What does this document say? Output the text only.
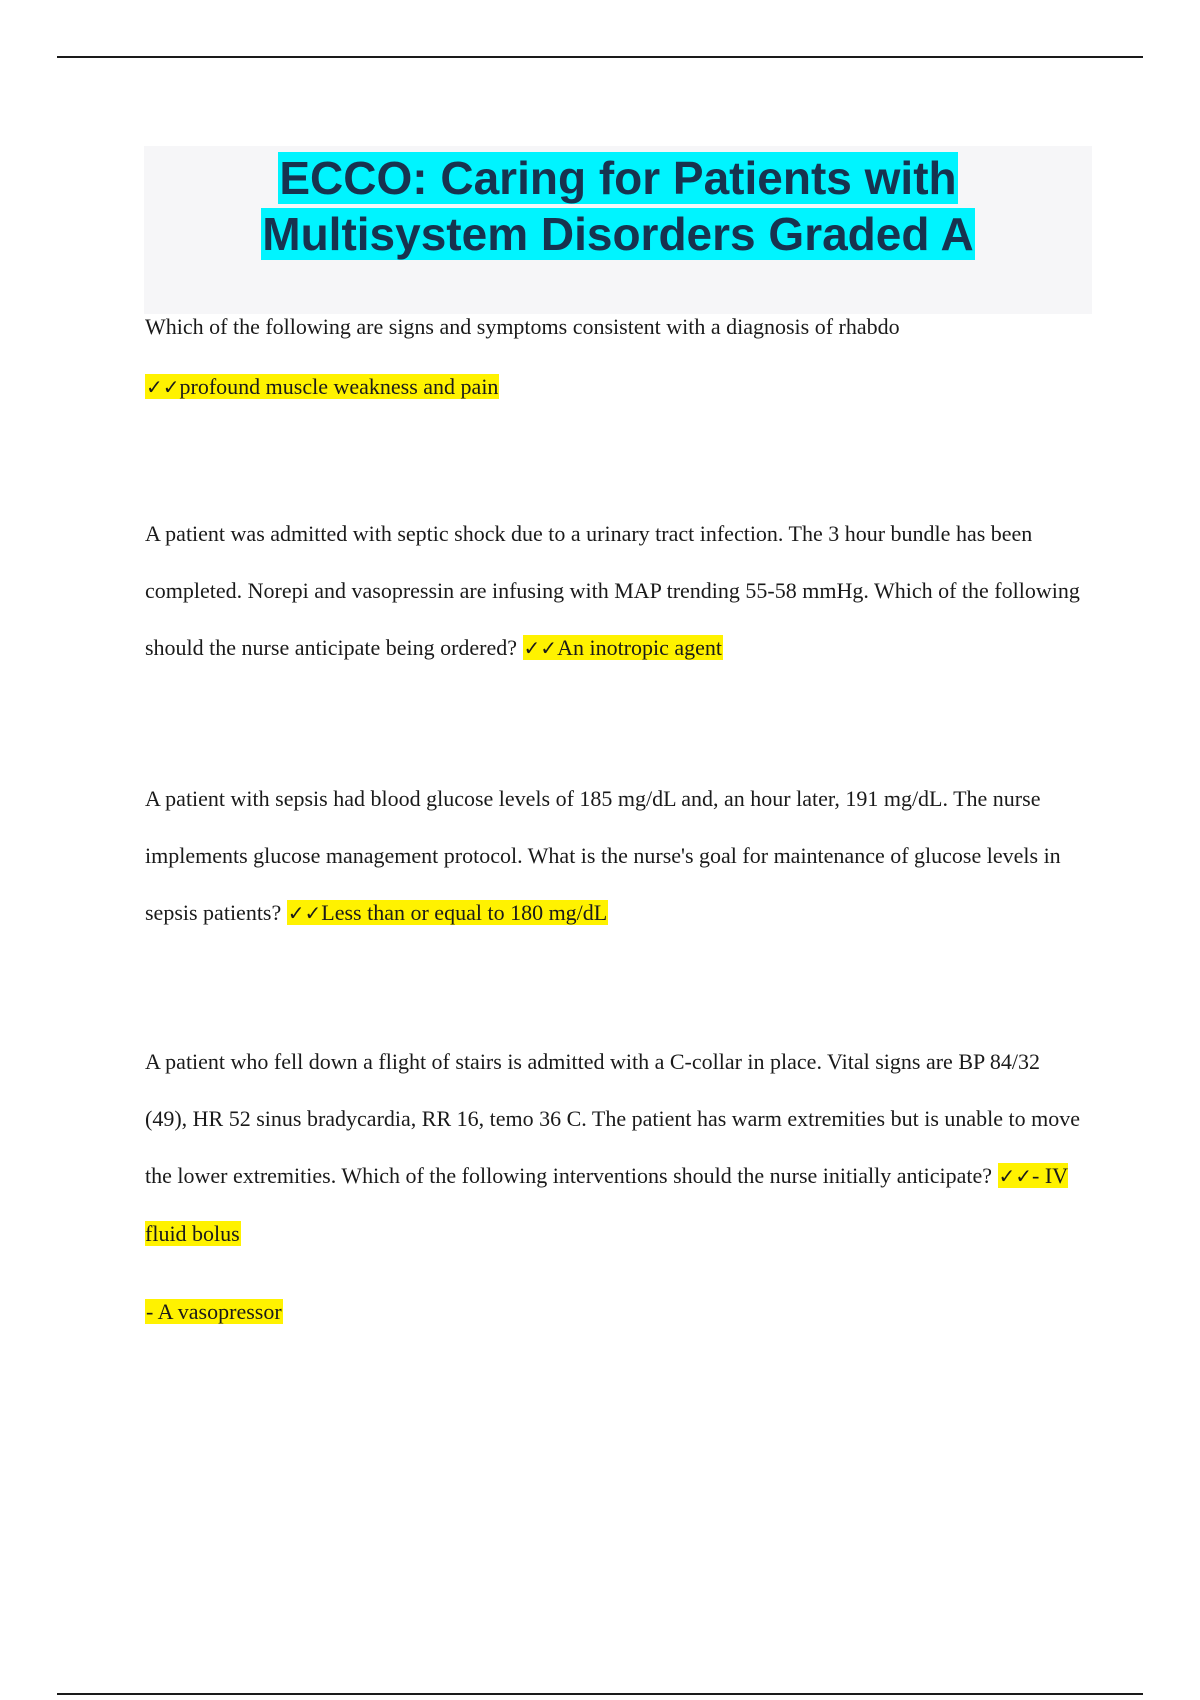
ECCO: Caring for Patients with
Multisystem Disorders Graded A

Which of the following are signs and symptoms consistent with a diagnosis of rhabdo

✓✓profound muscle weakness and pain

A patient was admitted with septic shock due to a urinary tract infection. The 3 hour bundle has been completed. Norepi and vasopressin are infusing with MAP trending 55-58 mmHg. Which of the following should the nurse anticipate being ordered? ✓✓An inotropic agent

A patient with sepsis had blood glucose levels of 185 mg/dL and, an hour later, 191 mg/dL. The nurse implements glucose management protocol. What is the nurse's goal for maintenance of glucose levels in sepsis patients? ✓✓Less than or equal to 180 mg/dL

A patient who fell down a flight of stairs is admitted with a C-collar in place. Vital signs are BP 84/32 (49), HR 52 sinus bradycardia, RR 16, temo 36 C. The patient has warm extremities but is unable to move the lower extremities. Which of the following interventions should the nurse initially anticipate? ✓✓- IV fluid bolus

- A vasopressor
